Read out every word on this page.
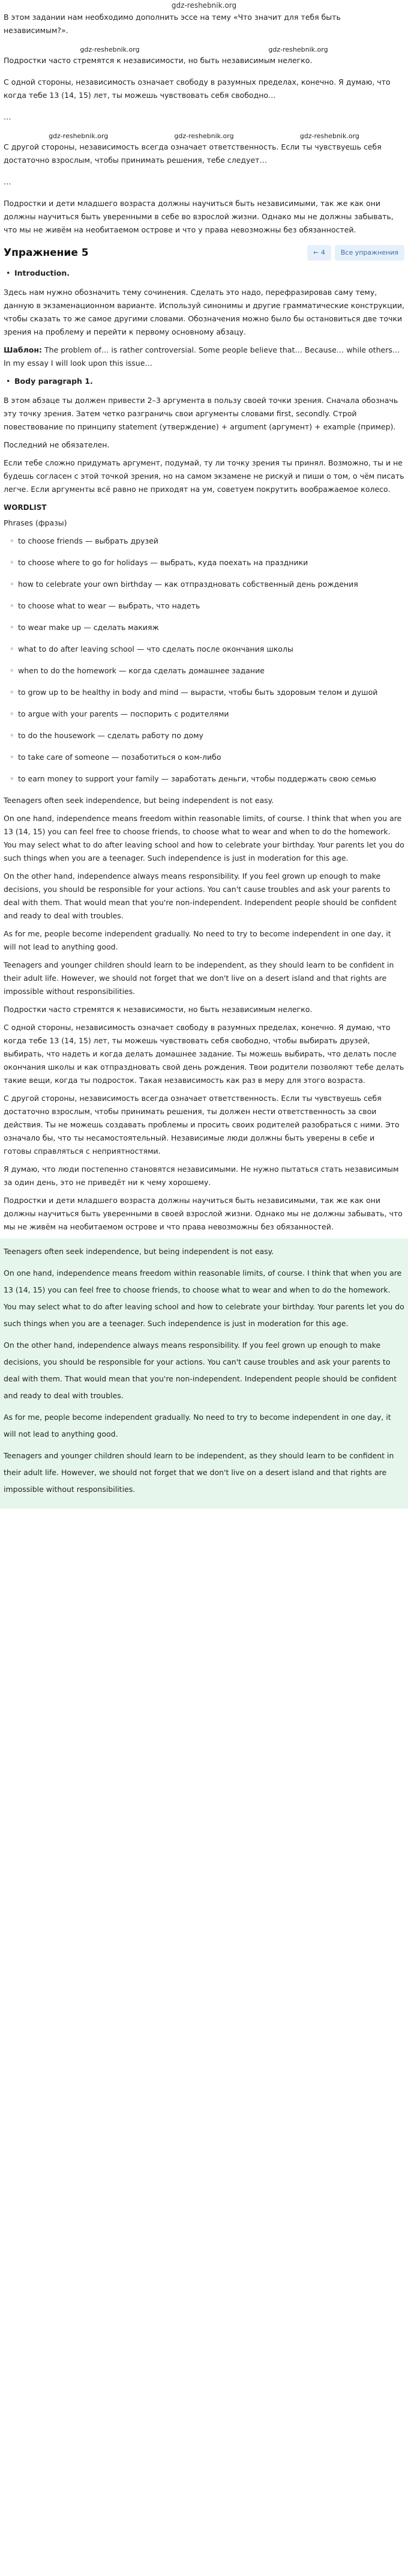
gdz-reshebnik.org

В этом задании нам необходимо дополнить эссе на тему «Что значит для тебя быть независимым?».

gdz-reshebnik.org	gdz-reshebnik.org

Подростки часто стремятся к независимости, но быть независимым нелегко.

С одной стороны, независимость означает свободу в разумных пределах, конечно. Я думаю, что когда тебе 13 (14, 15) лет, ты можешь чувствовать себя свободно…

…

gdz-reshebnik.org	gdz-reshebnik.org	gdz-reshebnik.org

С другой стороны, независимость всегда означает ответственность. Если ты чувствуешь себя достаточно взрослым, чтобы принимать решения, тебе следует…

…

Подростки и дети младшего возраста должны научиться быть независимыми, так же как они должны научиться быть уверенными в себе во взрослой жизни. Однако мы не должны забывать, что мы не живём на необитаемом острове и что у права невозможны без обязанностей.

Упражнение 5	← 4	Все упражнения
• Introduction.

Здесь нам нужно обозначить тему сочинения. Сделать это надо, перефразировав саму тему, данную в экзаменационном варианте. Используй синонимы и другие грамматические конструкции, чтобы сказать то же самое другими словами. Обозначения можно было бы остановиться две точки зрения на проблему и перейти к первому основному абзацу.

Шаблон: The problem of… is rather controversial. Some people believe that… Because… while others… In my essay I will look upon this issue…

• Body paragraph 1.

В этом абзаце ты должен привести 2–3 аргумента в пользу своей точки зрения. Сначала обозначь эту точку зрения. Затем четко разграничь свои аргументы словами first, secondly. Строй повествование по принципу statement (утверждение) + argument (аргумент) + example (пример).

Последний не обязателен.

Если тебе сложно придумать аргумент, подумай, ту ли точку зрения ты принял. Возможно, ты и не будешь согласен с этой точкой зрения, но на самом экзамене не рискуй и пиши о том, о чём писать легче. Если аргументы всё равно не приходят на ум, советуем покрутить воображаемое колесо.

WORDLIST

Phrases (фразы)

◦ to choose friends — выбрать друзей
◦ to choose where to go for holidays — выбрать, куда поехать на праздники
◦ how to celebrate your own birthday — как отпраздновать собственный день рождения
◦ to choose what to wear — выбрать, что надеть
◦ to wear make up — сделать макияж
◦ what to do after leaving school — что сделать после окончания школы
◦ when to do the homework — когда сделать домашнее задание
◦ to grow up to be healthy in body and mind — вырасти, чтобы быть здоровым телом и душой
◦ to argue with your parents — поспорить с родителями
◦ to do the housework — сделать работу по дому
◦ to take care of someone — позаботиться о ком-либо
◦ to earn money to support your family — заработать деньги, чтобы поддержать свою семью

Teenagers often seek independence, but being independent is not easy.

On one hand, independence means freedom within reasonable limits, of course. I think that when you are 13 (14, 15) you can feel free to choose friends, to choose what to wear and when to do the homework. You may select what to do after leaving school and how to celebrate your birthday. Your parents let you do such things when you are a teenager. Such independence is just in moderation for this age.

On the other hand, independence always means responsibility. If you feel grown up enough to make decisions, you should be responsible for your actions. You can't cause troubles and ask your parents to deal with them. That would mean that you're non-independent. Independent people should be confident and ready to deal with troubles.

As for me, people become independent gradually. No need to try to become independent in one day, it will not lead to anything good.

Teenagers and younger children should learn to be independent, as they should learn to be confident in their adult life. However, we should not forget that we don't live on a desert island and that rights are impossible without responsibilities.

Подростки часто стремятся к независимости, но быть независимым нелегко.

С одной стороны, независимость означает свободу в разумных пределах, конечно. Я думаю, что когда тебе 13 (14, 15) лет, ты можешь чувствовать себя свободно, чтобы выбирать друзей, выбирать, что надеть и когда делать домашнее задание. Ты можешь выбирать, что делать после окончания школы и как отпраздновать свой день рождения. Твои родители позволяют тебе делать такие вещи, когда ты подросток. Такая независимость как раз в меру для этого возраста.

С другой стороны, независимость всегда означает ответственность. Если ты чувствуешь себя достаточно взрослым, чтобы принимать решения, ты должен нести ответственность за свои действия. Ты не можешь создавать проблемы и просить своих родителей разобраться с ними. Это означало бы, что ты несамостоятельный. Независимые люди должны быть уверены в себе и готовы справляться с неприятностями.

Я думаю, что люди постепенно становятся независимыми. Не нужно пытаться стать независимым за один день, это не приведёт ни к чему хорошему.

Подростки и дети младшего возраста должны научиться быть независимыми, так же как они должны научиться быть уверенными в своей взрослой жизни. Однако мы не должны забывать, что мы не живём на необитаемом острове и что права невозможны без обязанностей.

Teenagers often seek independence, but being independent is not easy.

On one hand, independence means freedom within reasonable limits, of course. I think that when you are 13 (14, 15) you can feel free to choose friends, to choose what to wear and when to do the homework. You may select what to do after leaving school and how to celebrate your birthday. Your parents let you do such things when you are a teenager. Such independence is just in moderation for this age.

On the other hand, independence always means responsibility. If you feel grown up enough to make decisions, you should be responsible for your actions. You can't cause troubles and ask your parents to deal with them. That would mean that you're non-independent. Independent people should be confident and ready to deal with troubles.

As for me, people become independent gradually. No need to try to become independent in one day, it will not lead to anything good.

Teenagers and younger children should learn to be independent, as they should learn to be confident in their adult life. However, we should not forget that we don't live on a desert island and that rights are impossible without responsibilities.
